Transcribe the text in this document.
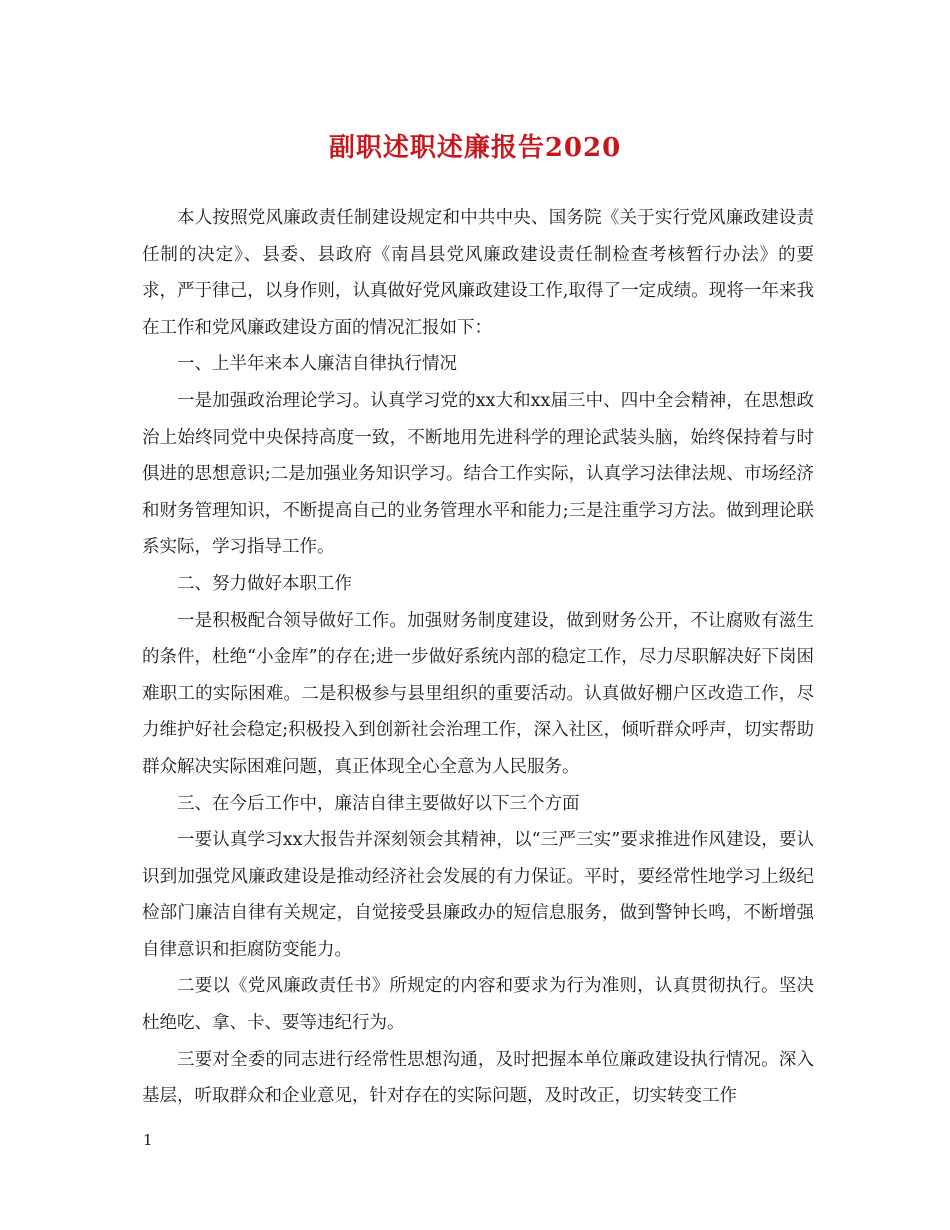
副职述职述廉报告2020

本人按照党风廉政责任制建设规定和中共中央、国务院《关于实行党风廉政建设责任制的决定》、县委、县政府《南昌县党风廉政建设责任制检查考核暂行办法》的要求，严于律己，以身作则，认真做好党风廉政建设工作,取得了一定成绩。现将一年来我在工作和党风廉政建设方面的情况汇报如下：

一、上半年来本人廉洁自律执行情况

一是加强政治理论学习。认真学习党的xx大和xx届三中、四中全会精神，在思想政治上始终同党中央保持高度一致，不断地用先进科学的理论武装头脑，始终保持着与时俱进的思想意识;二是加强业务知识学习。结合工作实际，认真学习法律法规、市场经济和财务管理知识，不断提高自己的业务管理水平和能力;三是注重学习方法。做到理论联系实际，学习指导工作。

二、努力做好本职工作

一是积极配合领导做好工作。加强财务制度建设，做到财务公开，不让腐败有滋生的条件，杜绝“小金库”的存在;进一步做好系统内部的稳定工作，尽力尽职解决好下岗困难职工的实际困难。二是积极参与县里组织的重要活动。认真做好棚户区改造工作，尽力维护好社会稳定;积极投入到创新社会治理工作，深入社区，倾听群众呼声，切实帮助群众解决实际困难问题，真正体现全心全意为人民服务。

三、在今后工作中，廉洁自律主要做好以下三个方面

一要认真学习xx大报告并深刻领会其精神，以“三严三实”要求推进作风建设，要认识到加强党风廉政建设是推动经济社会发展的有力保证。平时，要经常性地学习上级纪检部门廉洁自律有关规定，自觉接受县廉政办的短信息服务，做到警钟长鸣，不断增强自律意识和拒腐防变能力。

二要以《党风廉政责任书》所规定的内容和要求为行为准则，认真贯彻执行。坚决杜绝吃、拿、卡、要等违纪行为。

三要对全委的同志进行经常性思想沟通，及时把握本单位廉政建设执行情况。深入基层，听取群众和企业意见，针对存在的实际问题，及时改正，切实转变工作

1
